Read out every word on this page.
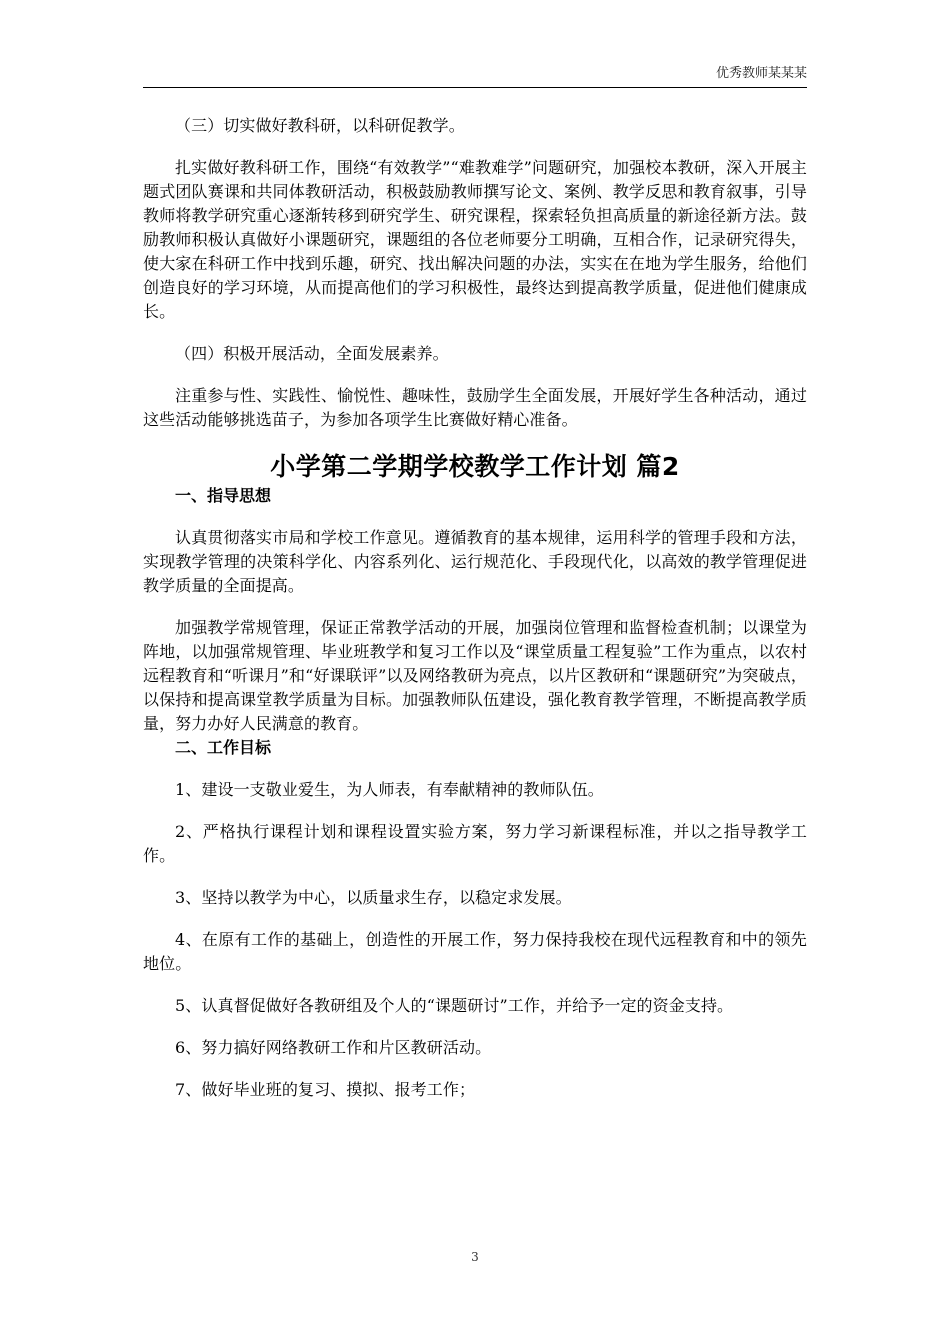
优秀教师某某某

（三）切实做好教科研，以科研促教学。

扎实做好教科研工作，围绕“有效教学”“难教难学”问题研究，加强校本教研，深入开展主题式团队赛课和共同体教研活动，积极鼓励教师撰写论文、案例、教学反思和教育叙事，引导教师将教学研究重心逐渐转移到研究学生、研究课程，探索轻负担高质量的新途径新方法。鼓励教师积极认真做好小课题研究，课题组的各位老师要分工明确，互相合作，记录研究得失，使大家在科研工作中找到乐趣，研究、找出解决问题的办法，实实在在地为学生服务，给他们创造良好的学习环境，从而提高他们的学习积极性，最终达到提高教学质量，促进他们健康成长。

（四）积极开展活动，全面发展素养。

注重参与性、实践性、愉悦性、趣味性，鼓励学生全面发展，开展好学生各种活动，通过这些活动能够挑选苗子，为参加各项学生比赛做好精心准备。

小学第二学期学校教学工作计划 篇2

一、指导思想

认真贯彻落实市局和学校工作意见。遵循教育的基本规律，运用科学的管理手段和方法，实现教学管理的决策科学化、内容系列化、运行规范化、手段现代化，以高效的教学管理促进教学质量的全面提高。

加强教学常规管理，保证正常教学活动的开展，加强岗位管理和监督检查机制；以课堂为阵地，以加强常规管理、毕业班教学和复习工作以及“课堂质量工程复验”工作为重点，以农村远程教育和“听课月”和“好课联评”以及网络教研为亮点，以片区教研和“课题研究”为突破点，以保持和提高课堂教学质量为目标。加强教师队伍建设，强化教育教学管理，不断提高教学质量，努力办好人民满意的教育。

二、工作目标

1、建设一支敬业爱生，为人师表，有奉献精神的教师队伍。

2、严格执行课程计划和课程设置实验方案，努力学习新课程标准，并以之指导教学工作。

3、坚持以教学为中心，以质量求生存，以稳定求发展。

4、在原有工作的基础上，创造性的开展工作，努力保持我校在现代远程教育和中的领先地位。

5、认真督促做好各教研组及个人的“课题研讨”工作，并给予一定的资金支持。

6、努力搞好网络教研工作和片区教研活动。

7、做好毕业班的复习、摸拟、报考工作；

3
